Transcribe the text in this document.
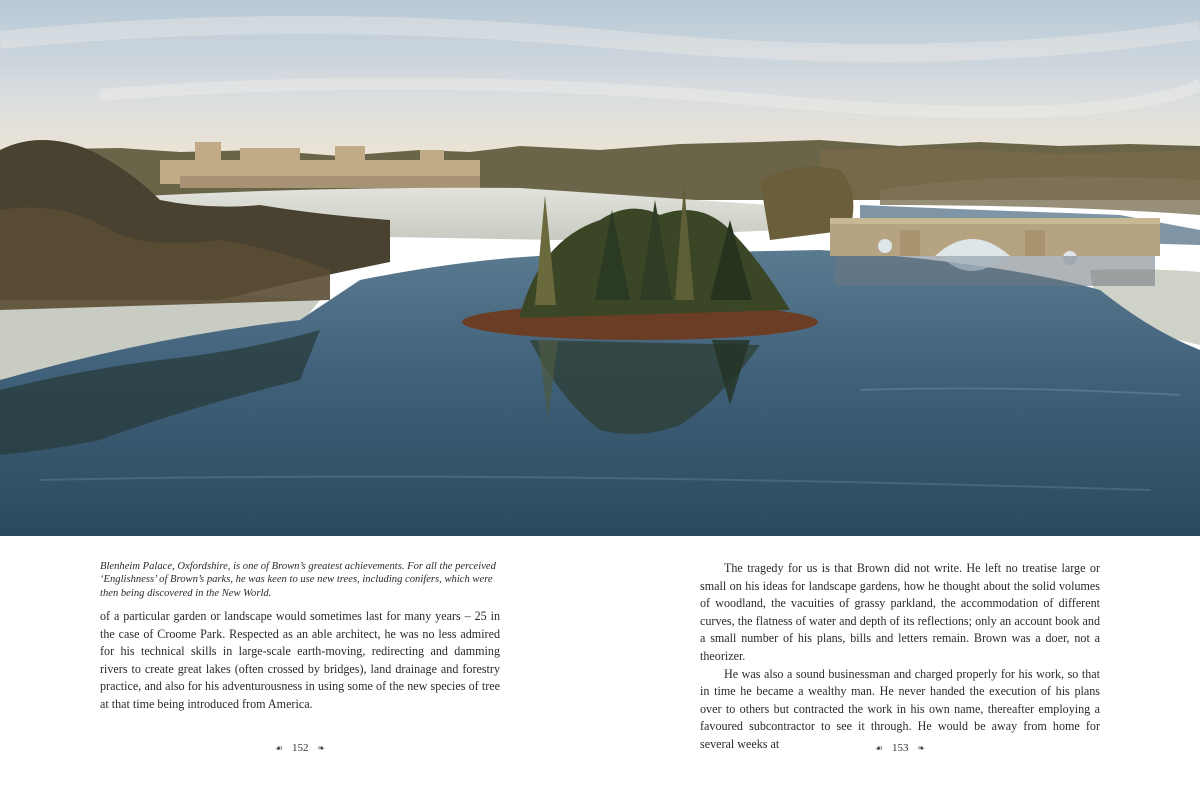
Blenheim Palace, Oxfordshire, is one of Brown’s greatest achievements. For all the perceived ‘Englishness’ of Brown’s parks, he was keen to use new trees, including conifers, which were then being discovered in the New World.

of a particular garden or landscape would sometimes last for many years – 25 in the case of Croome Park. Respected as an able architect, he was no less admired for his technical skills in large-scale earth-moving, redirecting and damming rivers to create great lakes (often crossed by bridges), land drainage and forestry practice, and also for his adventurousness in using some of the new species of tree at that time being introduced from America.

The tragedy for us is that Brown did not write. He left no treatise large or small on his ideas for landscape gardens, how he thought about the solid volumes of woodland, the vacuities of grassy parkland, the accommodation of different curves, the flatness of water and depth of its reflections; only an account book and a small number of his plans, bills and letters remain. Brown was a doer, not a theorizer.

He was also a sound businessman and charged properly for his work, so that in time he became a wealthy man. He never handed the execution of his plans over to others but contracted the work in his own name, thereafter employing a favoured subcontractor to see it through. He would be away from home for several weeks at

☙ 152 ❧	☙ 153 ❧
